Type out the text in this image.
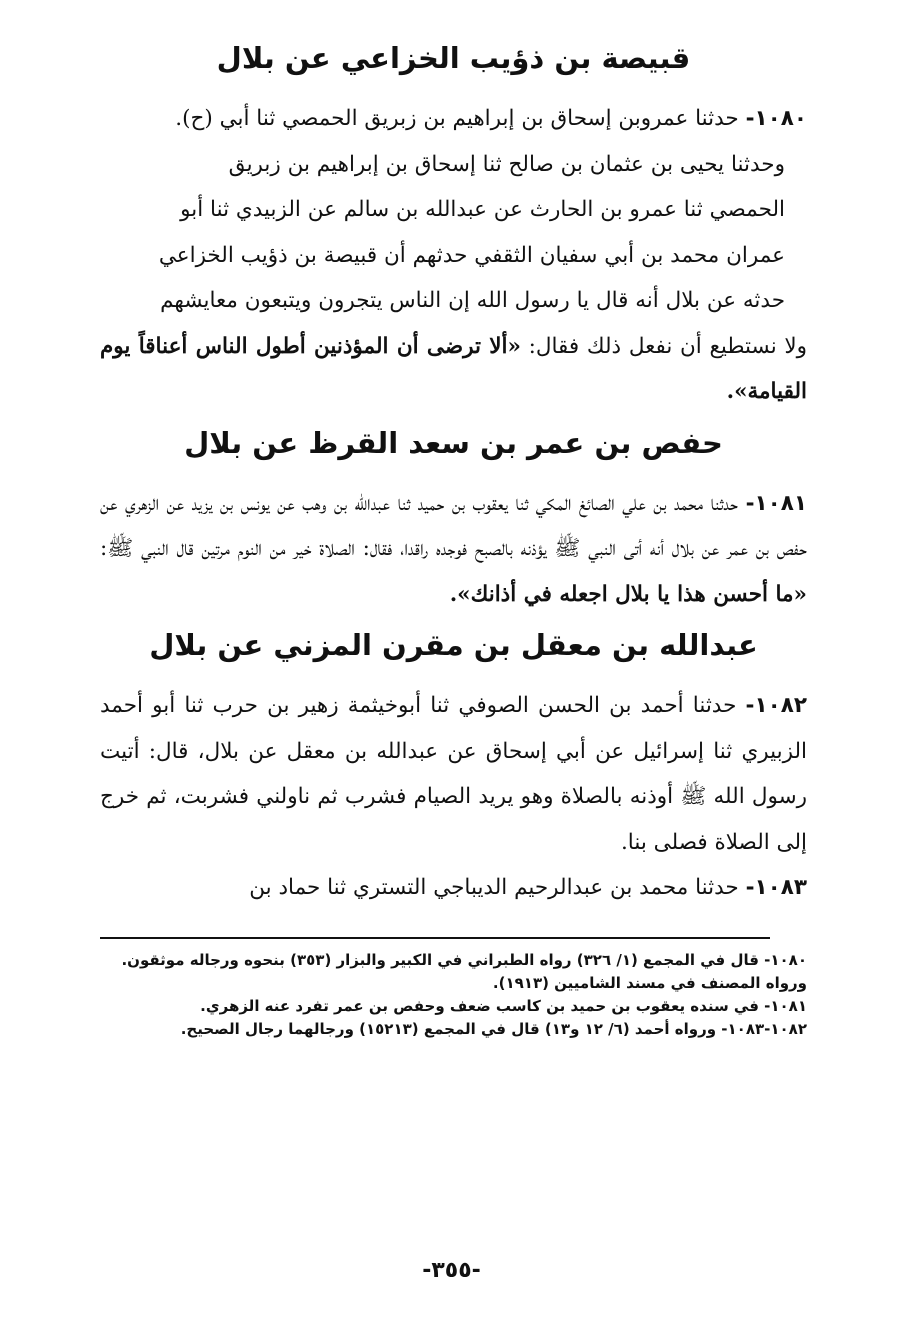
قبيصة بن ذؤيب الخزاعي عن بلال

١٠٨٠- حدثنا عمروبن إسحاق بن إبراهيم بن زبريق الحمصي ثنا أبي (ح).

وحدثنا يحيى بن عثمان بن صالح ثنا إسحاق بن إبراهيم بن زبريق
الحمصي ثنا عمرو بن الحارث عن عبدالله بن سالم عن الزبيدي ثنا أبو
عمران محمد بن أبي سفيان الثقفي حدثهم أن قبيصة بن ذؤيب الخزاعي
حدثه عن بلال أنه قال يا رسول الله إن الناس يتجرون ويتبعون معايشهم
ولا نستطيع أن نفعل ذلك فقال: «ألا ترضى أن المؤذنين أطول الناس أعناقاً يوم القيامة».

حفص بن عمر بن سعد القرظ عن بلال

١٠٨١- حدثنا محمد بن علي الصائغ المكي ثنا يعقوب بن حميد ثنا عبدالله بن وهب عن يونس بن يزيد عن الزهري عن حفص بن عمر عن بلال أنه أتى النبي ﷺ يؤذنه بالصبح فوجده راقدا، فقال: الصلاة خير من النوم مرتين قال النبي ﷺ: «ما أحسن هذا يا بلال اجعله في أذانك».

عبدالله بن معقل بن مقرن المزني عن بلال

١٠٨٢- حدثنا أحمد بن الحسن الصوفي ثنا أبوخيثمة زهير بن حرب ثنا أبو أحمد الزبيري ثنا إسرائيل عن أبي إسحاق عن عبدالله بن معقل عن بلال، قال: أتيت رسول الله ﷺ أوذنه بالصلاة وهو يريد الصيام فشرب ثم ناولني فشربت، ثم خرج إلى الصلاة فصلى بنا.

١٠٨٣- حدثنا محمد بن عبدالرحيم الديباجي التستري ثنا حماد بن

١٠٨٠- قال في المجمع (١/ ٣٢٦) رواه الطبراني في الكبير والبزار (٣٥٣) بنحوه ورجاله موثقون. ورواه المصنف في مسند الشاميين (١٩١٣).

١٠٨١- في سنده يعقوب بن حميد بن كاسب ضعف وحفص بن عمر تفرد عنه الزهري.

١٠٨٢-١٠٨٣- ورواه أحمد (٦/ ١٢ و١٣) قال في المجمع (١٥٢١٣) ورجالهما رجال الصحيح.

-٣٥٥-
